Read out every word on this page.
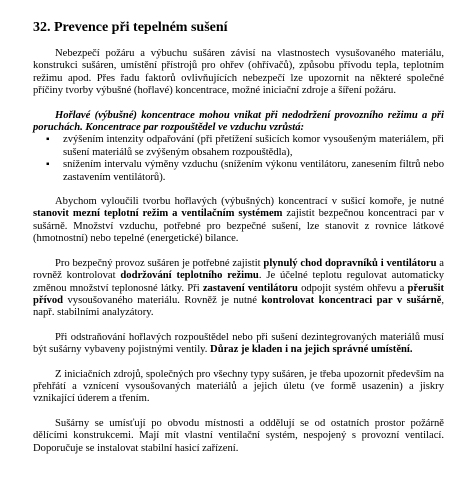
32. Prevence při tepelném sušení

Nebezpečí požáru a výbuchu sušáren závisí na vlastnostech vysušovaného materiálu, konstrukci sušáren, umístění přístrojů pro ohřev (ohřívačů), způsobu přívodu tepla, teplotním režimu apod. Přes řadu faktorů ovlivňujících nebezpečí lze upozornit na některé společné příčiny tvorby výbušné (hořlavé) koncentrace, možné iniciační zdroje a šíření požáru.

Hořlavé (výbušné) koncentrace mohou vnikat při nedodržení provozního režimu a při poruchách. Koncentrace par rozpouštědel ve vzduchu vzrůstá:

▪ zvýšením intenzity odpařování (při přetížení sušicích komor vysoušeným materiálem, při sušení materiálů se zvýšeným obsahem rozpouštědla),
▪ snížením intervalu výměny vzduchu (snížením výkonu ventilátoru, zanesením filtrů nebo zastavením ventilátorů).

Abychom vyloučili tvorbu hořlavých (výbušných) koncentrací v sušicí komoře, je nutné stanovit mezní teplotní režim a ventilačním systémem zajistit bezpečnou koncentraci par v sušárně. Množství vzduchu, potřebné pro bezpečné sušení, lze stanovit z rovnice látkové (hmotnostní) nebo tepelné (energetické) bilance.

Pro bezpečný provoz sušáren je potřebné zajistit plynulý chod dopravníků i ventilátoru a rovněž kontrolovat dodržování teplotního režimu. Je účelné teplotu regulovat automaticky změnou množství teplonosné látky. Při zastavení ventilátoru odpojit systém ohřevu a přerušit přívod vysoušovaného materiálu. Rovněž je nutné kontrolovat koncentraci par v sušárně, např. stabilními analyzátory.

Při odstraňování hořlavých rozpouštědel nebo při sušení dezintegrovaných materiálů musí být sušárny vybaveny pojistnými ventily. Důraz je kladen i na jejich správné umístění.

Z iniciačních zdrojů, společných pro všechny typy sušáren, je třeba upozornit především na přehřátí a vznícení vysoušovaných materiálů a jejich úletu (ve formě usazenin) a jiskry vznikající úderem a třením.

Sušárny se umísťují po obvodu místnosti a oddělují se od ostatních prostor požárně dělícími konstrukcemi. Mají mít vlastní ventilační systém, nespojený s provozní ventilací. Doporučuje se instalovat stabilní hasicí zařízení.
